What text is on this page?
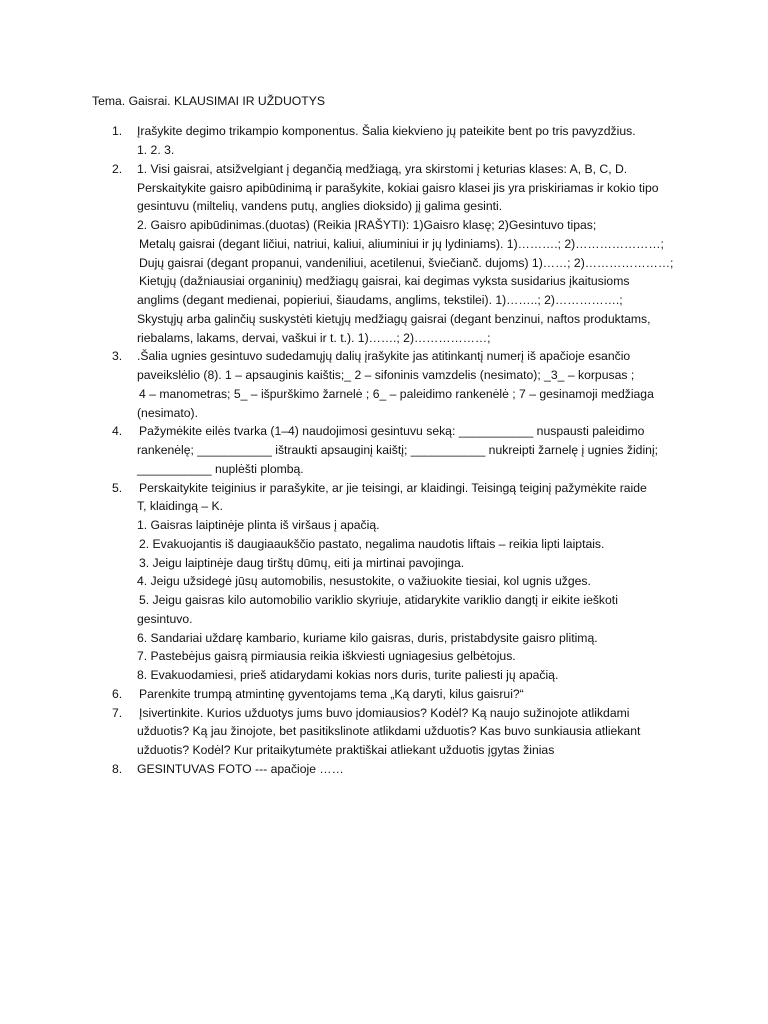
Tema. Gaisrai. KLAUSIMAI IR UŽDUOTYS
1. Įrašykite degimo trikampio komponentus. Šalia kiekvieno jų pateikite bent po tris pavyzdžius.
1. 2. 3.
2. 1. Visi gaisrai, atsižvelgiant į degančią medžiagą, yra skirstomi į keturias klases: A, B, C, D.
Perskaitykite gaisro apibūdinimą ir parašykite, kokiai gaisro klasei jis yra priskiriamas ir kokio tipo
gesintuvu (miltelių, vandens putų, anglies dioksido) jį galima gesinti.
2. Gaisro apibūdinimas.(duotas) (Reikia ĮRAŠYTI): 1)Gaisro klasę; 2)Gesintuvo tipas;
Metalų gaisrai (degant ličiui, natriui, kaliui, aliuminiui ir jų lydiniams). 1)……….; 2)…………………;
Dujų gaisrai (degant propanui, vandeniliui, acetilenui, šviečianč. dujoms) 1)……; 2)…………………;
Kietųjų (dažniausiai organinių) medžiagų gaisrai, kai degimas vyksta susidarius įkaitusioms
anglims (degant medienai, popieriui, šiaudams, anglims, tekstilei). 1)……..; 2)…………….;
Skystųjų arba galinčių suskystėti kietųjų medžiagų gaisrai (degant benzinui, naftos produktams,
riebalams, lakams, dervai, vaškui ir t. t.). 1)…….; 2)………………;
3. .Šalia ugnies gesintuvo sudedamųjų dalių įrašykite jas atitinkantį numerį iš apačioje esančio
paveikslėlio (8). 1 – apsauginis kaištis;_ 2 – sifoninis vamzdelis (nesimato); _3_ – korpusas ;
4 – manometras; 5_ – išpurškimo žarnelė ; 6_ – paleidimo rankenėlė ; 7 – gesinamoji medžiaga
(nesimato).
4. Pažymėkite eilės tvarka (1–4) naudojimosi gesintuvu seką: ___________ nuspausti paleidimo
rankenėlę; ___________ ištraukti apsauginį kaištį; ___________ nukreipti žarnelę į ugnies židinį;
___________ nuplėšti plombą.
5. Perskaitykite teiginius ir parašykite, ar jie teisingi, ar klaidingi. Teisingą teiginį pažymėkite raide
T, klaidingą – K.
1. Gaisras laiptinėje plinta iš viršaus į apačią.
2. Evakuojantis iš daugiaaukščio pastato, negalima naudotis liftais – reikia lipti laiptais.
3. Jeigu laiptinėje daug tirštų dūmų, eiti ja mirtinai pavojinga.
4. Jeigu užsidegė jūsų automobilis, nesustokite, o važiuokite tiesiai, kol ugnis užges.
5. Jeigu gaisras kilo automobilio variklio skyriuje, atidarykite variklio dangtį ir eikite ieškoti
gesintuvo.
6. Sandariai uždarę kambario, kuriame kilo gaisras, duris, pristabdysite gaisro plitimą.
7. Pastebėjus gaisrą pirmiausia reikia iškviesti ugniagesius gelbėtojus.
8. Evakuodamiesi, prieš atidarydami kokias nors duris, turite paliesti jų apačią.
6. Parenkite trumpą atmintinę gyventojams tema „Ką daryti, kilus gaisrui?“
7. Įsivertinkite. Kurios užduotys jums buvo įdomiausios? Kodėl? Ką naujo sužinojote atlikdami
užduotis? Ką jau žinojote, bet pasitikslinote atlikdami užduotis? Kas buvo sunkiausia atliekant
užduotis? Kodėl? Kur pritaikytumėte praktiškai atliekant užduotis įgytas žinias
8. GESINTUVAS FOTO --- apačioje ……
